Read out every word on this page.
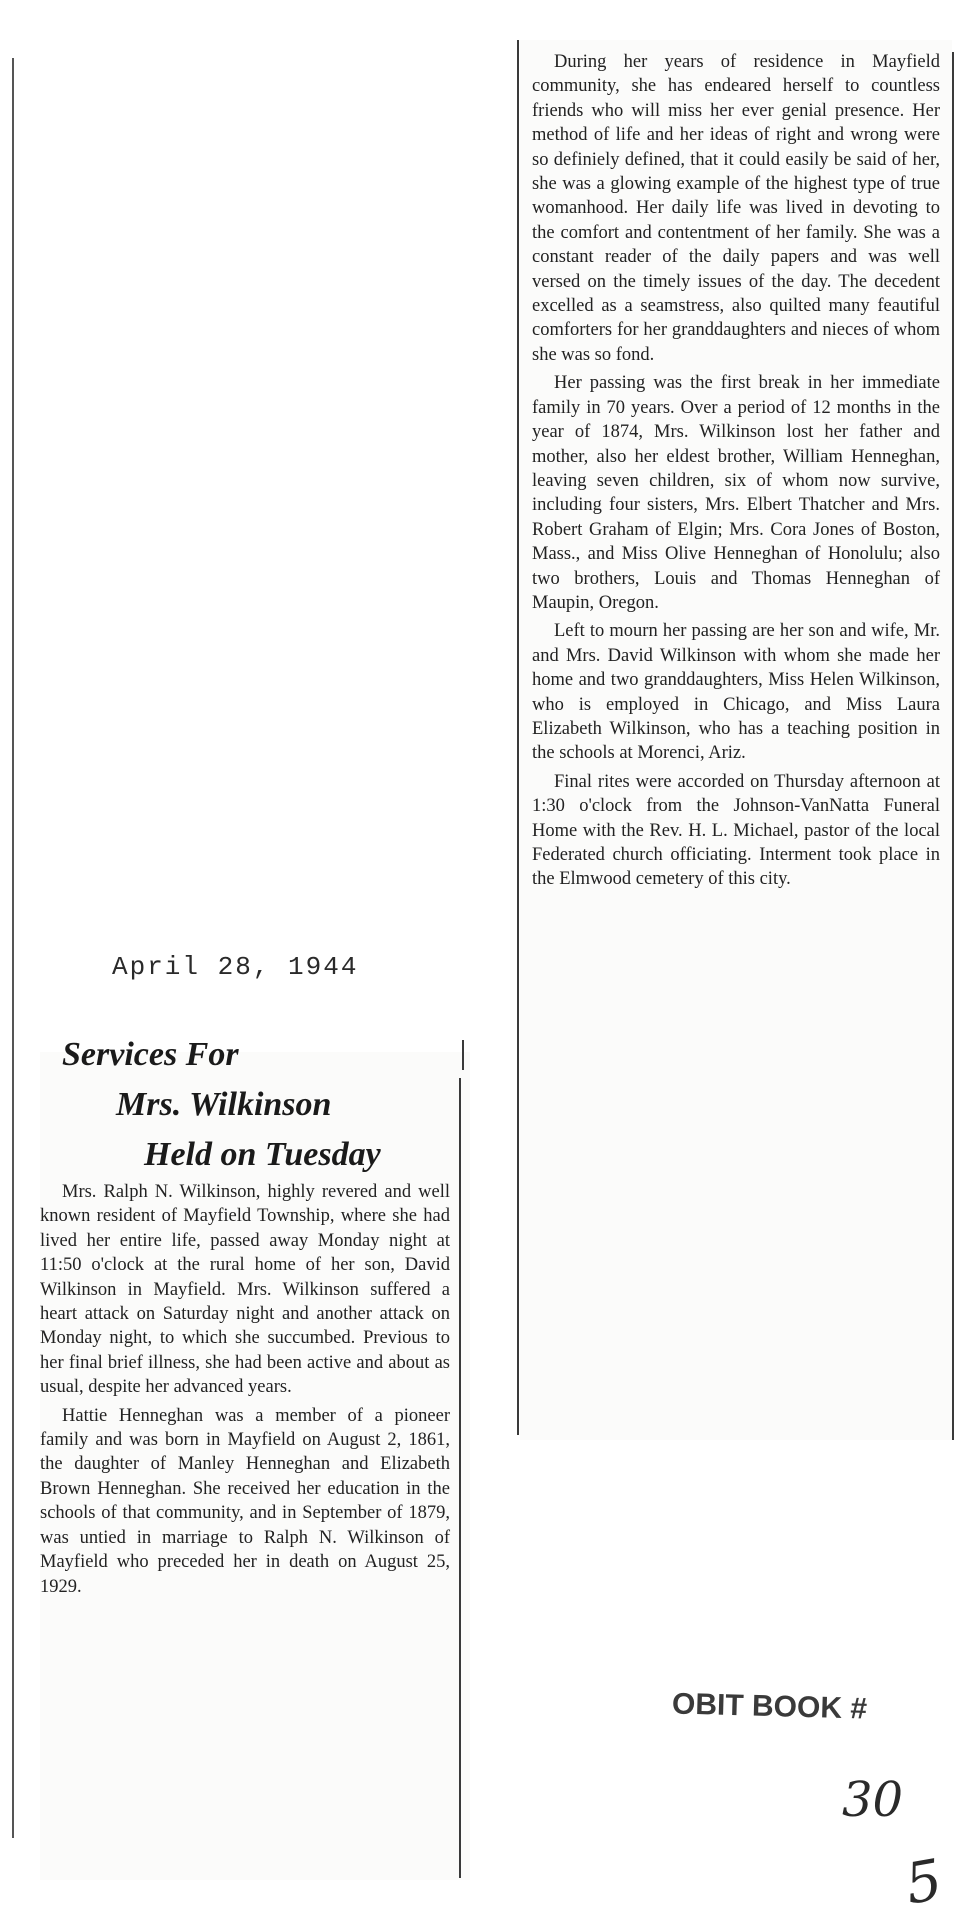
April 28, 1944
Services For
Mrs. Wilkinson
Held on Tuesday

Mrs. Ralph N. Wilkinson, highly revered and well known resident of Mayfield Township, where she had lived her entire life, passed away Monday night at 11:50 o'clock at the rural home of her son, David Wilkinson in Mayfield. Mrs. Wilkinson suffered a heart attack on Saturday night and another attack on Monday night, to which she succumbed. Previous to her final brief illness, she had been active and about as usual, despite her advanced years.

Hattie Henneghan was a member of a pioneer family and was born in Mayfield on August 2, 1861, the daughter of Manley Henneghan and Elizabeth Brown Henneghan. She received her education in the schools of that community, and in September of 1879, was untied in marriage to Ralph N. Wilkinson of Mayfield who preceded her in death on August 25, 1929.

During her years of residence in Mayfield community, she has endeared herself to countless friends who will miss her ever genial presence. Her method of life and her ideas of right and wrong were so definiely defined, that it could easily be said of her, she was a glowing example of the highest type of true womanhood. Her daily life was lived in devoting to the comfort and contentment of her family. She was a constant reader of the daily papers and was well versed on the timely issues of the day. The decedent excelled as a seamstress, also quilted many feautiful comforters for her granddaughters and nieces of whom she was so fond.

Her passing was the first break in her immediate family in 70 years. Over a period of 12 months in the year of 1874, Mrs. Wilkinson lost her father and mother, also her eldest brother, William Henneghan, leaving seven children, six of whom now survive, including four sisters, Mrs. Elbert Thatcher and Mrs. Robert Graham of Elgin; Mrs. Cora Jones of Boston, Mass., and Miss Olive Henneghan of Honolulu; also two brothers, Louis and Thomas Henneghan of Maupin, Oregon.

Left to mourn her passing are her son and wife, Mr. and Mrs. David Wilkinson with whom she made her home and two granddaughters, Miss Helen Wilkinson, who is employed in Chicago, and Miss Laura Elizabeth Wilkinson, who has a teaching position in the schools at Morenci, Ariz.

Final rites were accorded on Thursday afternoon at 1:30 o'clock from the Johnson-VanNatta Funeral Home with the Rev. H. L. Michael, pastor of the local Federated church officiating. Interment took place in the Elmwood cemetery of this city.

OBIT BOOK #
30
5
